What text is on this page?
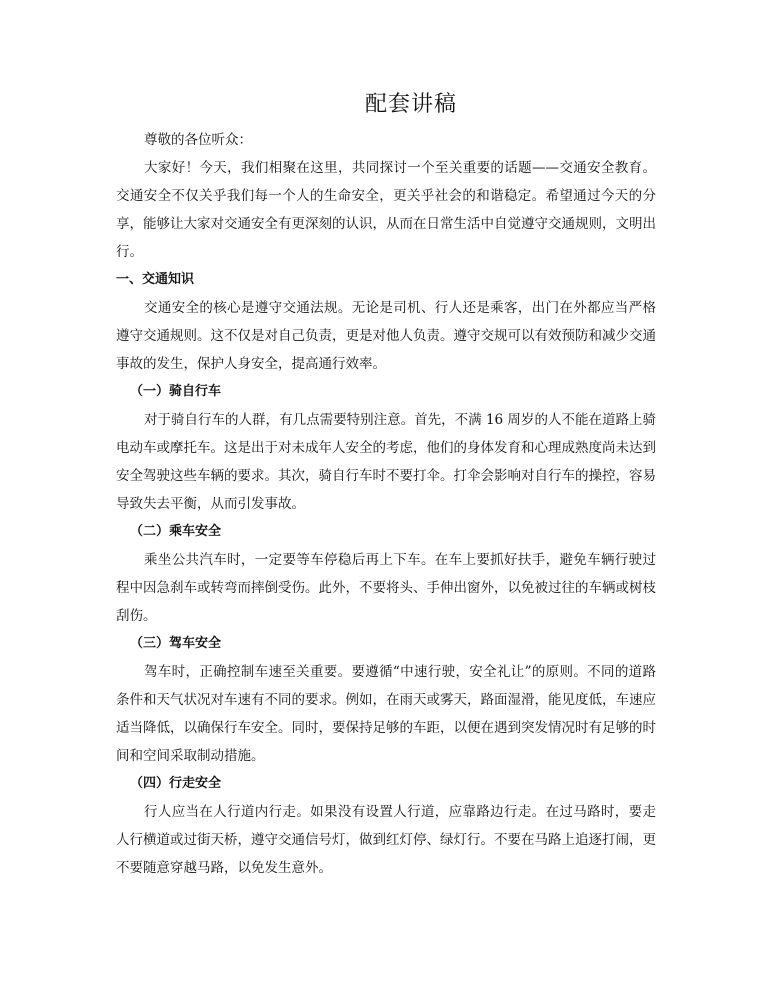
配套讲稿

尊敬的各位听众：

大家好！今天，我们相聚在这里，共同探讨一个至关重要的话题——交通安全教育。交通安全不仅关乎我们每一个人的生命安全，更关乎社会的和谐稳定。希望通过今天的分享，能够让大家对交通安全有更深刻的认识，从而在日常生活中自觉遵守交通规则，文明出行。

一、交通知识

交通安全的核心是遵守交通法规。无论是司机、行人还是乘客，出门在外都应当严格遵守交通规则。这不仅是对自己负责，更是对他人负责。遵守交规可以有效预防和减少交通事故的发生，保护人身安全，提高通行效率。

（一）骑自行车

对于骑自行车的人群，有几点需要特别注意。首先，不满 16 周岁的人不能在道路上骑电动车或摩托车。这是出于对未成年人安全的考虑，他们的身体发育和心理成熟度尚未达到安全驾驶这些车辆的要求。其次，骑自行车时不要打伞。打伞会影响对自行车的操控，容易导致失去平衡，从而引发事故。

（二）乘车安全

乘坐公共汽车时，一定要等车停稳后再上下车。在车上要抓好扶手，避免车辆行驶过程中因急刹车或转弯而摔倒受伤。此外，不要将头、手伸出窗外，以免被过往的车辆或树枝刮伤。

（三）驾车安全

驾车时，正确控制车速至关重要。要遵循“中速行驶，安全礼让”的原则。不同的道路条件和天气状况对车速有不同的要求。例如，在雨天或雾天，路面湿滑，能见度低，车速应适当降低，以确保行车安全。同时，要保持足够的车距，以便在遇到突发情况时有足够的时间和空间采取制动措施。

（四）行走安全

行人应当在人行道内行走。如果没有设置人行道，应靠路边行走。在过马路时，要走人行横道或过街天桥，遵守交通信号灯，做到红灯停、绿灯行。不要在马路上追逐打闹，更不要随意穿越马路，以免发生意外。
